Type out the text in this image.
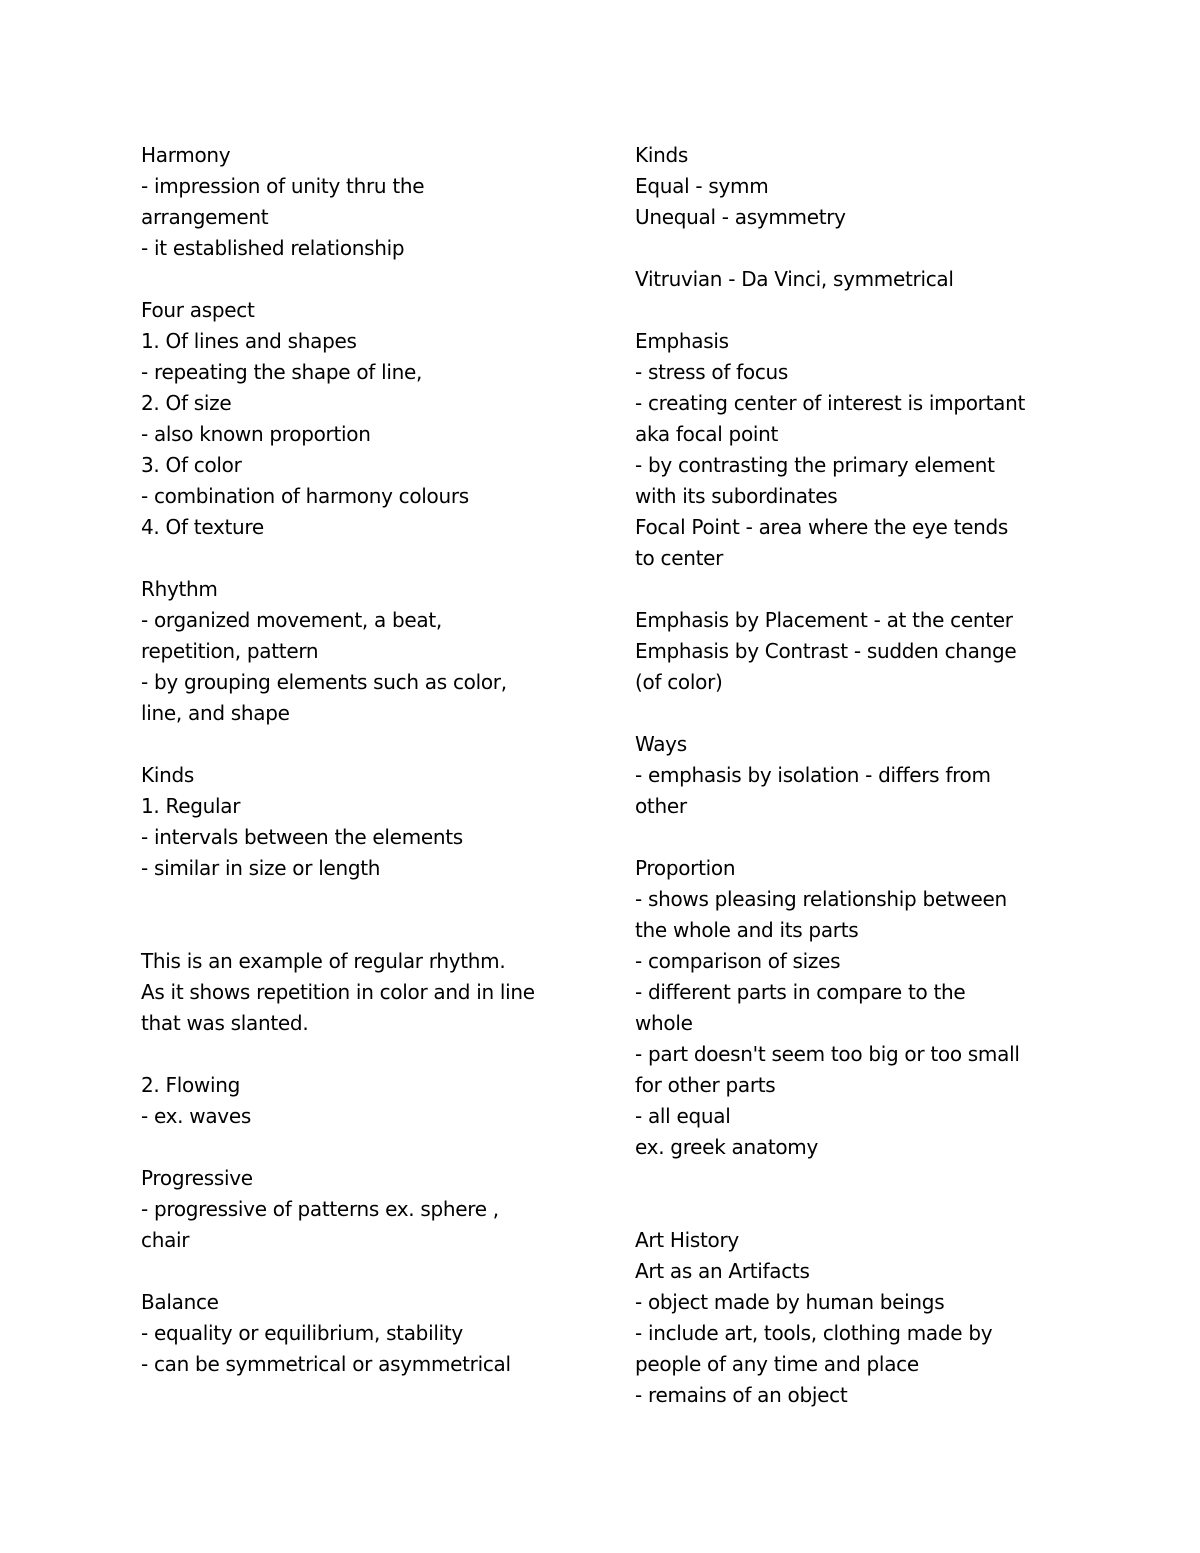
Harmony
- impression of unity thru the
arrangement
- it established relationship
Four aspect
1. Of lines and shapes
- repeating the shape of line,
2. Of size
- also known proportion
3. Of color
- combination of harmony colours
4. Of texture
Rhythm
- organized movement, a beat,
repetition, pattern
- by grouping elements such as color,
line, and shape
Kinds
1. Regular
- intervals between the elements
- similar in size or length
This is an example of regular rhythm.
As it shows repetition in color and in line
that was slanted.
2. Flowing
- ex. waves
Progressive
- progressive of patterns ex. sphere ,
chair
Balance
- equality or equilibrium, stability
- can be symmetrical or asymmetrical
Kinds
Equal - symm
Unequal - asymmetry
Vitruvian - Da Vinci, symmetrical
Emphasis
- stress of focus
- creating center of interest is important
aka focal point
- by contrasting the primary element
with its subordinates
Focal Point - area where the eye tends
to center
Emphasis by Placement - at the center
Emphasis by Contrast - sudden change
(of color)
Ways
- emphasis by isolation - differs from
other
Proportion
- shows pleasing relationship between
the whole and its parts
- comparison of sizes
- different parts in compare to the
whole
- part doesn't seem too big or too small
for other parts
- all equal
ex. greek anatomy
Art History
Art as an Artifacts
- object made by human beings
- include art, tools, clothing made by
people of any time and place
- remains of an object
